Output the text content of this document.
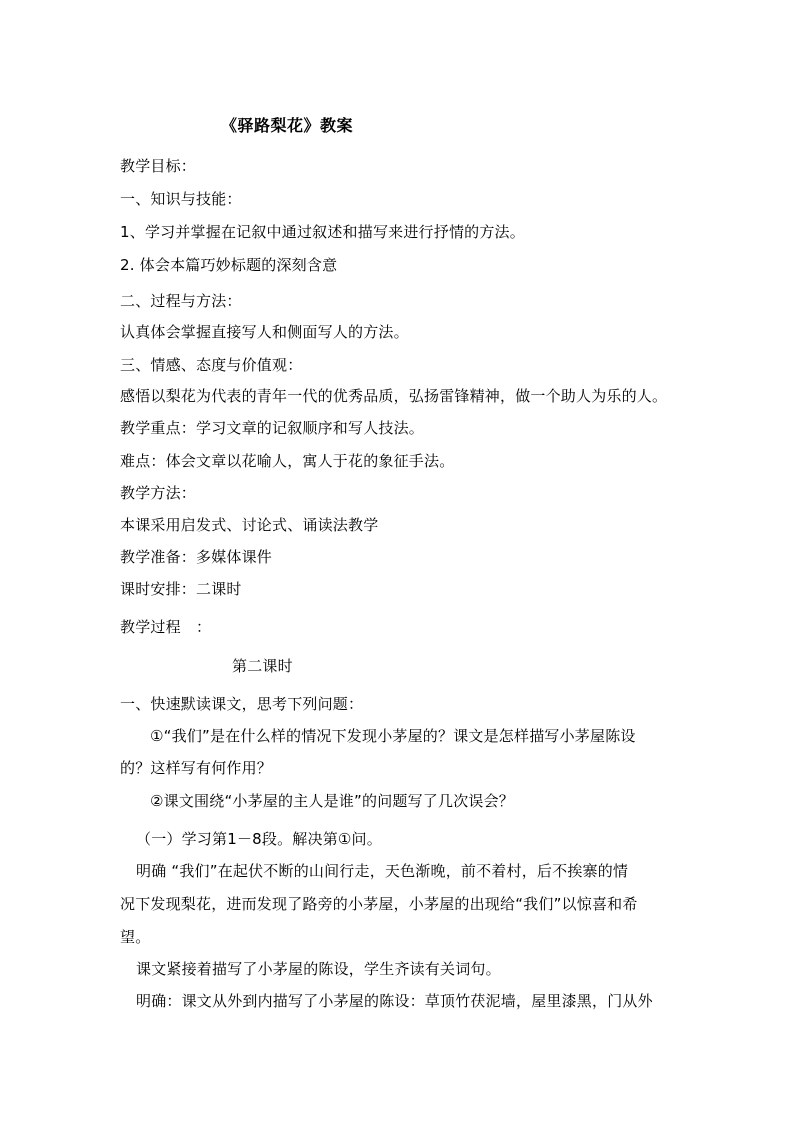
《驿路梨花》教案
教学目标：
一、知识与技能：
1、学习并掌握在记叙中通过叙述和描写来进行抒情的方法。
2. 体会本篇巧妙标题的深刻含意
二、过程与方法：
认真体会掌握直接写人和侧面写人的方法。
三、情感、态度与价值观：
感悟以梨花为代表的青年一代的优秀品质，弘扬雷锋精神，做一个助人为乐的人。
教学重点：学习文章的记叙顺序和写人技法。
难点：体会文章以花喻人，寓人于花的象征手法。
教学方法：
本课采用启发式、讨论式、诵读法教学
教学准备：多媒体课件
课时安排：二课时
教学过程　：
第二课时
一、快速默读课文，思考下列问题：
①“我们”是在什么样的情况下发现小茅屋的？课文是怎样描写小茅屋陈设
的？这样写有何作用？
②课文围绕“小茅屋的主人是谁”的问题写了几次误会？
（一）学习第1－8段。解决第①问。
明确 “我们”在起伏不断的山间行走，天色渐晚，前不着村，后不挨寨的情
况下发现梨花，进而发现了路旁的小茅屋，小茅屋的出现给“我们”以惊喜和希
望。
课文紧接着描写了小茅屋的陈设，学生齐读有关词句。
明确：课文从外到内描写了小茅屋的陈设：草顶竹茯泥墙，屋里漆黑，门从外
